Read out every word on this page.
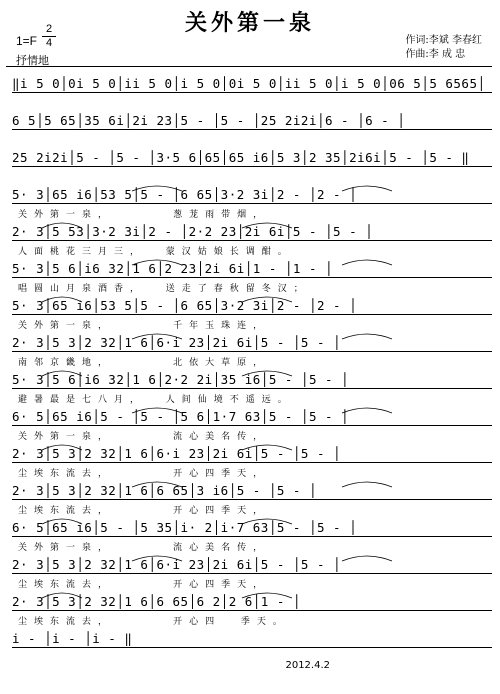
关外第一泉
1=F
2
4
抒情地
作词:李斌 李春红
作曲:李 成 忠
‖i 5 0│0i 5 0│ii 5 0│i 5 0│0i 5 0│ii 5 0│i 5 0│06 5│5 6565│
6 5│5 65│35 6i│2i 23│5 - │5 - │25 2i2i│6 - │6 - │
25 2i2i│5 - │5 - │3·5 6│65│65 i6│5 3│2 35│2i6i│5 - │5 - ‖
5· 3│65 i6│53 5│5 - │6 65│3·2 3i│2 - │2 - │
关外第一泉，      葱茏雨带烟，
2· 3│5 53│3·2 3i│2 - │2·2 23│2i 6i│5 - │5 - │
人面桃花三月三，  蒙汉姑娘长调酣。
5· 3│5 6│i6 32│1 6│2 23│2i 6i│1 - │1 - │
唱圆山月泉酒香，  送走了春秋留冬汉；
5· 3│65 i6│53 5│5 - │6 65│3·2 3i│2 - │2 - │
关外第一泉，      千年玉珠连，
2· 3│5 3│2 32│1 6│6·i 23│2i 6i│5 - │5 - │
南邻京畿地，      北依大草原，
5· 3│5 6│i6 32│1 6│2·2 2i│35 i6│5 - │5 - │
避暑最是七八月，  人间仙境不遥远。
6· 5│65 i6│5 - │5 - │5 6│1·7 63│5 - │5 - │
关外第一泉，      流心美名传，
2· 3│5 3│2 32│1 6│6·i 23│2i 6i│5 - │5 - │
尘埃东流去，      开心四季天，
2· 3│5 3│2 32│1 6│6 65│3 i6│5 - │5 - │
尘埃东流去，      开心四季天，
6· 5│65 i6│5 - │5 35│i· 2│i·7 63│5 - │5 - │
关外第一泉，      流心美名传，
2· 3│5 3│2 32│1 6│6·i 23│2i 6i│5 - │5 - │
尘埃东流去，      开心四季天，
2· 3│5 3│2 32│1 6│6 65│6 2│2 6│1 - │
尘埃东流去，      开心四  季天。
i - │i - │i - ‖
2012.4.2
